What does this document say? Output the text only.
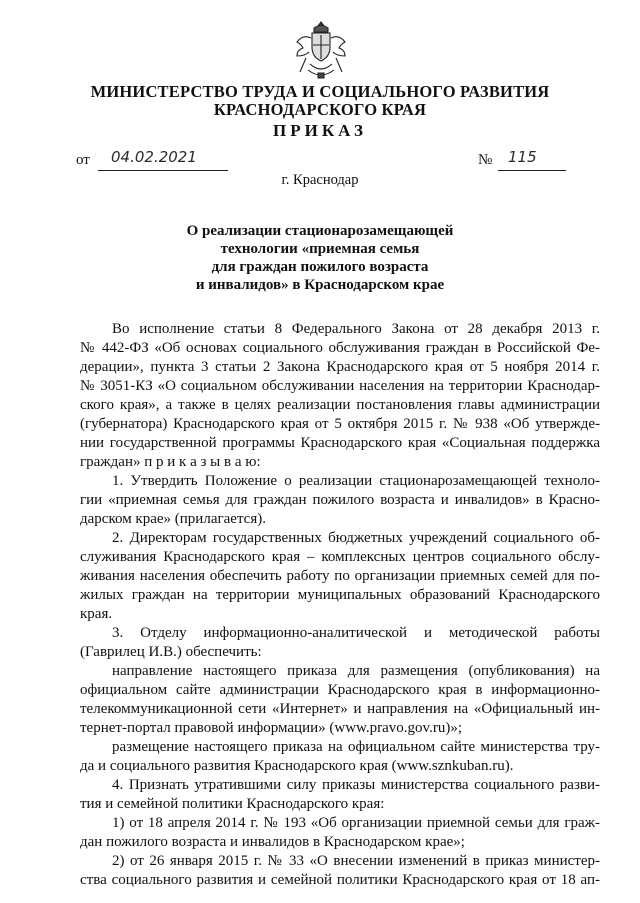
МИНИСТЕРСТВО ТРУДА И СОЦИАЛЬНОГО РАЗВИТИЯ
КРАСНОДАРСКОГО КРАЯ
ПРИКАЗ
от 04.02.2021	№ 115
г. Краснодар
О реализации стационарозамещающей
технологии «приемная семья
для граждан пожилого возраста
и инвалидов» в Краснодарском крае
Во исполнение статьи 8 Федерального Закона от 28 декабря 2013 г.
№ 442-ФЗ «Об основах социального обслуживания граждан в Российской Фе-
дерации», пункта 3 статьи 2 Закона Краснодарского края от 5 ноября 2014 г.
№ 3051-КЗ «О социальном обслуживании населения на территории Краснодар-
ского края», а также в целях реализации постановления главы администрации
(губернатора) Краснодарского края от 5 октября 2015 г. № 938 «Об утвержде-
нии государственной программы Краснодарского края «Социальная поддержка
граждан» п р и к а з ы в а ю:
1. Утвердить Положение о реализации стационарозамещающей техноло-
гии «приемная семья для граждан пожилого возраста и инвалидов» в Красно-
дарском крае» (прилагается).
2. Директорам государственных бюджетных учреждений социального об-
служивания Краснодарского края – комплексных центров социального обслу-
живания населения обеспечить работу по организации приемных семей для по-
жилых граждан на территории муниципальных образований Краснодарского
края.
3. Отделу информационно-аналитической и методической работы
(Гаврилец И.В.) обеспечить:
направление настоящего приказа для размещения (опубликования) на
официальном сайте администрации Краснодарского края в информационно-
телекоммуникационной сети «Интернет» и направления на «Официальный ин-
тернет-портал правовой информации» (www.pravo.gov.ru)»;
размещение настоящего приказа на официальном сайте министерства тру-
да и социального развития Краснодарского края (www.sznkuban.ru).
4. Признать утратившими силу приказы министерства социального разви-
тия и семейной политики Краснодарского края:
1) от 18 апреля 2014 г. № 193 «Об организации приемной семьи для граж-
дан пожилого возраста и инвалидов в Краснодарском крае»;
2) от 26 января 2015 г. № 33 «О внесении изменений в приказ министер-
ства социального развития и семейной политики Краснодарского края от 18 ап-
